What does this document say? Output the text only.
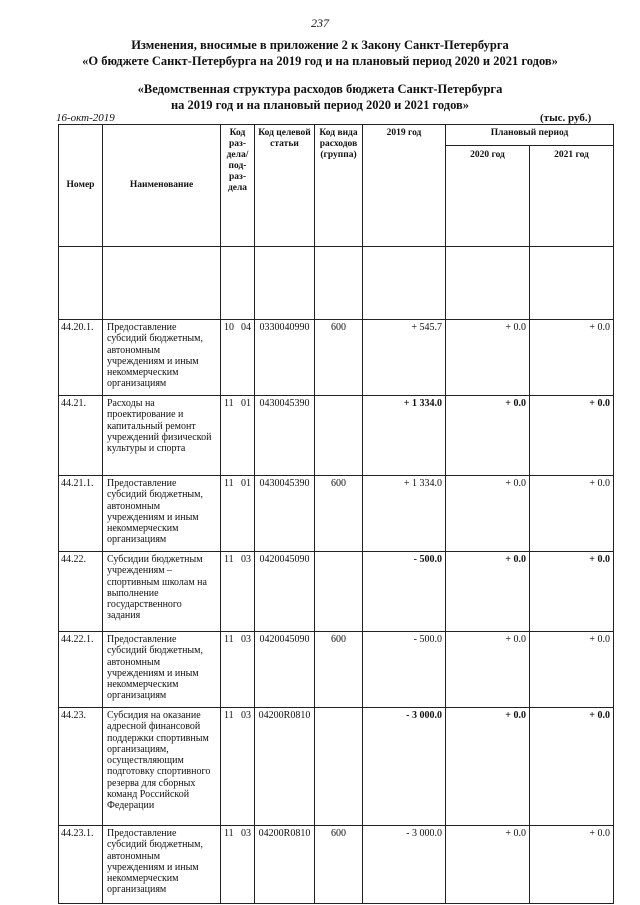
237
Изменения, вносимые в приложение 2 к Закону Санкт-Петербурга
«О бюджете Санкт-Петербурга на 2019 год и на плановый период 2020 и 2021 годов»
«Ведомственная структура расходов бюджета Санкт-Петербурга
на 2019 год и на плановый период 2020 и 2021 годов»
16-окт-2019	(тыс. руб.)
Номер	Наименование	Код раз-дела/ под-раз-дела	Код целевой статьи	Код вида расходов (группа)	2019 год	Плановый период	
						2020 год	2021 год

44.20.1.	Предоставление субсидий бюджетным, автономным учреждениям и иным некоммерческим организациям	10 04	0330040990	600	+ 545.7	+ 0.0	+ 0.0
44.21.	Расходы на проектирование и капитальный ремонт учреждений физической культуры и спорта	11 01	0430045390		+ 1 334.0	+ 0.0	+ 0.0
44.21.1.	Предоставление субсидий бюджетным, автономным учреждениям и иным некоммерческим организациям	11 01	0430045390	600	+ 1 334.0	+ 0.0	+ 0.0
44.22.	Субсидии бюджетным учреждениям – спортивным школам на выполнение государственного задания	11 03	0420045090		- 500.0	+ 0.0	+ 0.0
44.22.1.	Предоставление субсидий бюджетным, автономным учреждениям и иным некоммерческим организациям	11 03	0420045090	600	- 500.0	+ 0.0	+ 0.0
44.23.	Субсидия на оказание адресной финансовой поддержки спортивным организациям, осуществляющим подготовку спортивного резерва для сборных команд Российской Федерации	11 03	04200R0810		- 3 000.0	+ 0.0	+ 0.0
44.23.1.	Предоставление субсидий бюджетным, автономным учреждениям и иным некоммерческим организациям	11 03	04200R0810	600	- 3 000.0	+ 0.0	+ 0.0
